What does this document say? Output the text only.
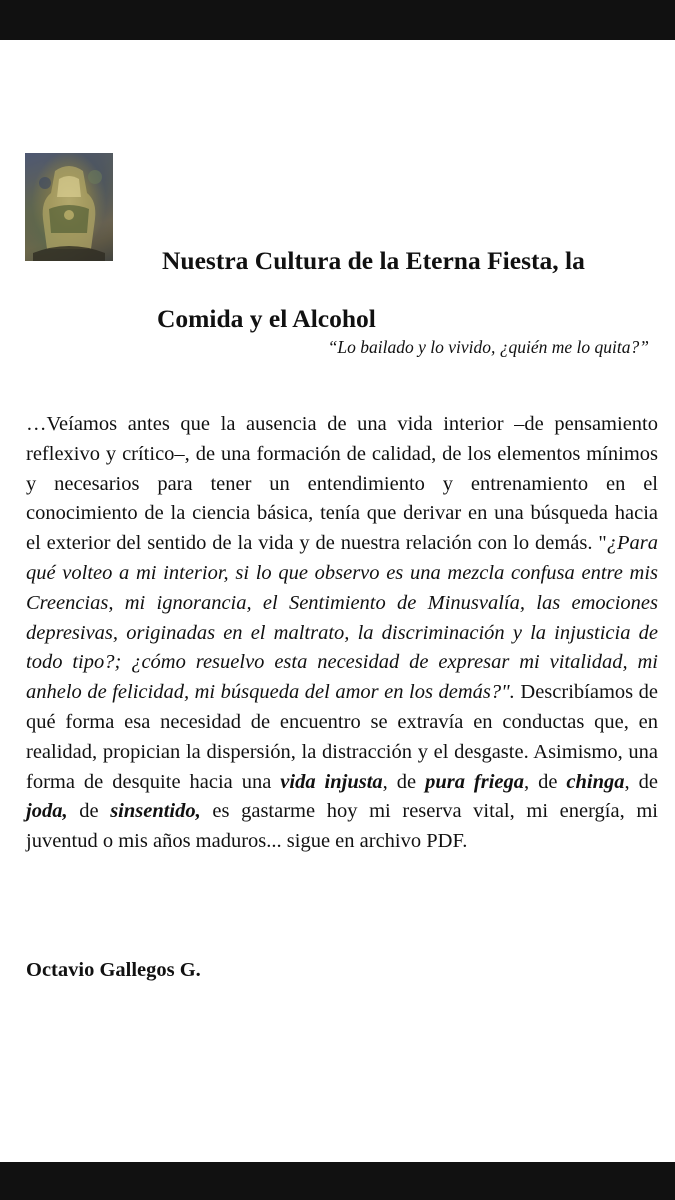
Nuestra Cultura de la Eterna Fiesta, la
Comida y el Alcohol

“Lo bailado y lo vivido, ¿quién me lo quita?”

…Veíamos antes que la ausencia de una vida interior –de pensamiento reflexivo y crítico–, de una formación de calidad, de los elementos mínimos y necesarios para tener un entendimiento y entrenamiento en el conocimiento de la ciencia básica, tenía que derivar en una búsqueda hacia el exterior del sentido de la vida y de nuestra relación con lo demás. "¿Para qué volteo a mi interior, si lo que observo es una mezcla confusa entre mis Creencias, mi ignorancia, el Sentimiento de Minusvalía, las emociones depresivas, originadas en el maltrato, la discriminación y la injusticia de todo tipo?; ¿cómo resuelvo esta necesidad de expresar mi vitalidad, mi anhelo de felicidad, mi búsqueda del amor en los demás?". Describíamos de qué forma esa necesidad de encuentro se extravía en conductas que, en realidad, propician la dispersión, la distracción y el desgaste. Asimismo, una forma de desquite hacia una vida injusta, de pura friega, de chinga, de joda, de sinsentido, es gastarme hoy mi reserva vital, mi energía, mi juventud o mis años maduros... sigue en archivo PDF.

Octavio Gallegos G.
